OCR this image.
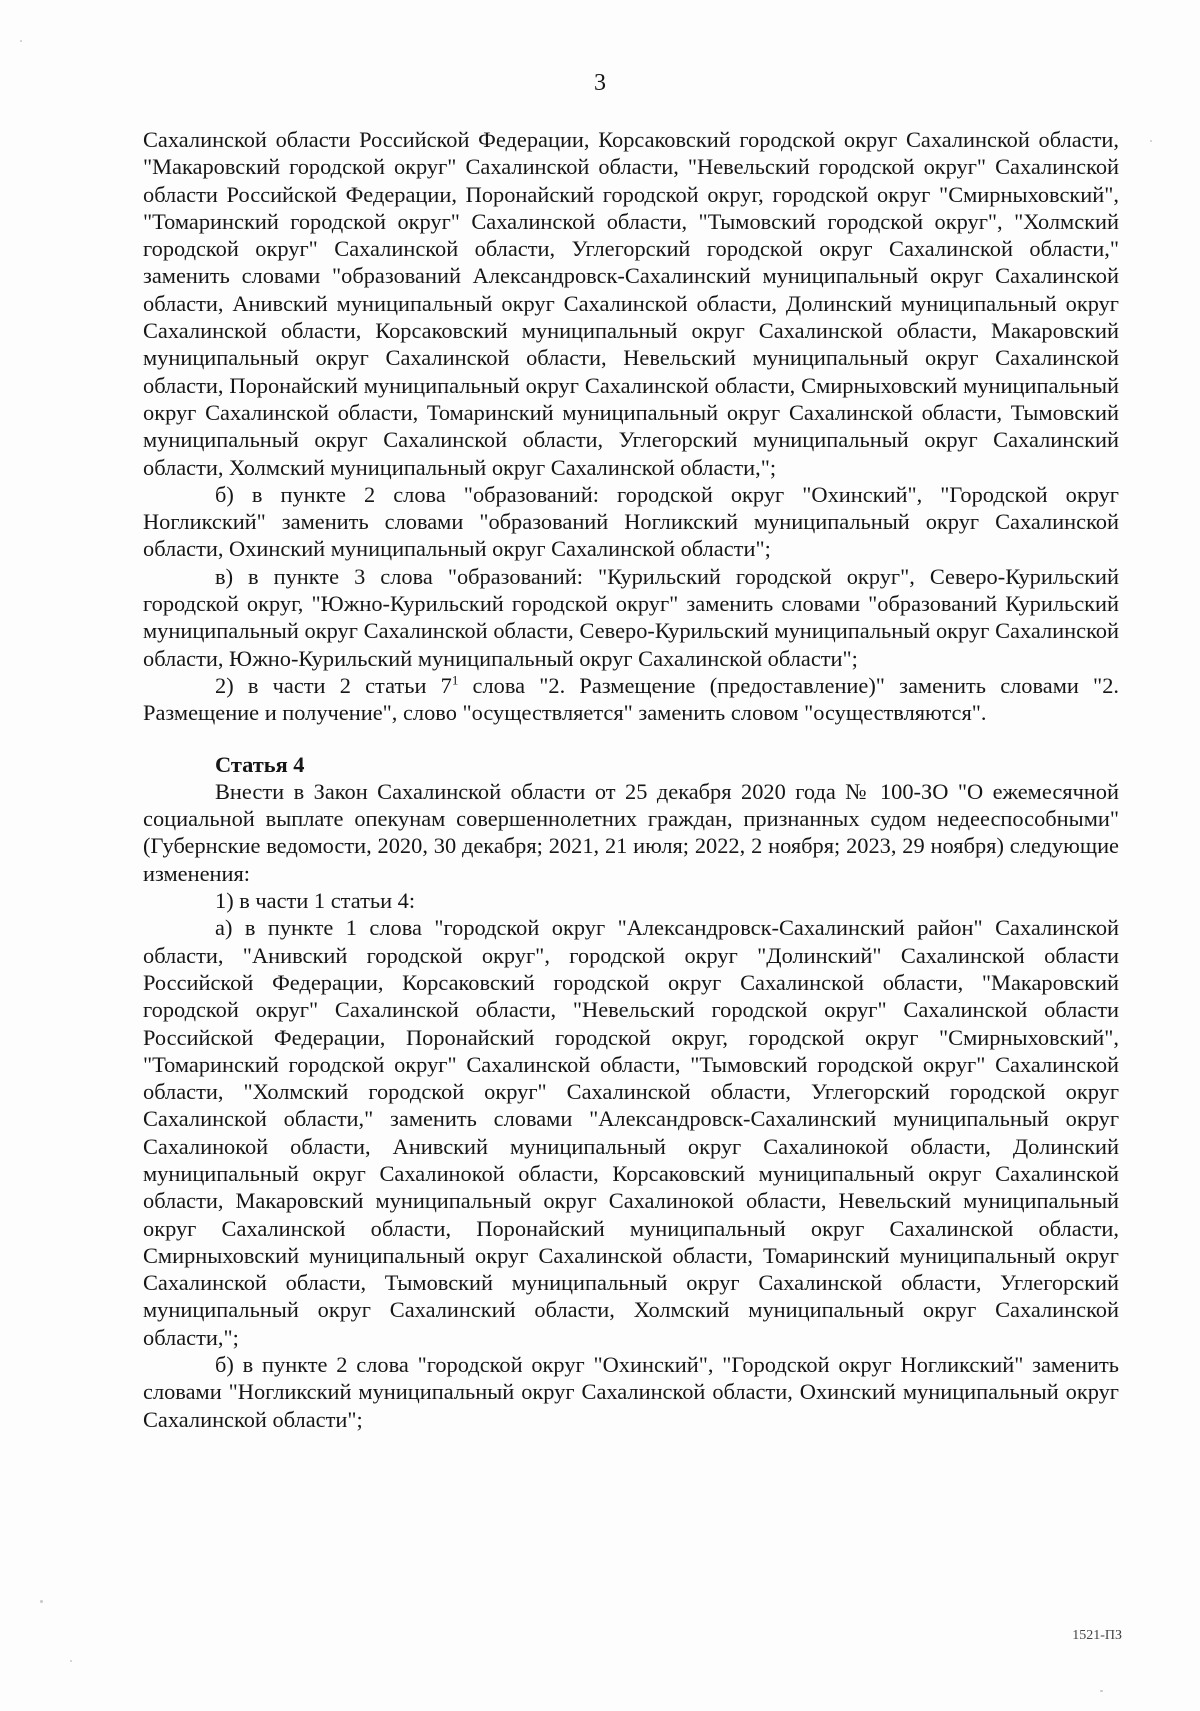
3

Сахалинской области Российской Федерации, Корсаковский городской округ Сахалинской области, "Макаровский городской округ" Сахалинской области, "Невельский городской округ" Сахалинской области Российской Федерации, Поронайский городской округ, городской округ "Смирныховский", "Томаринский городской округ" Сахалинской области, "Тымовский городской округ", "Холмский городской округ" Сахалинской области, Углегорский городской округ Сахалинской области," заменить словами "образований Александровск-Сахалинский муниципальный округ Сахалинской области, Анивский муниципальный округ Сахалинской области, Долинский муниципальный округ Сахалинской области, Корсаковский муниципальный округ Сахалинской области, Макаровский муниципальный округ Сахалинской области, Невельский муниципальный округ Сахалинской области, Поронайский муниципальный округ Сахалинской области, Смирныховский муниципальный округ Сахалинской области, Томаринский муниципальный округ Сахалинской области, Тымовский муниципальный округ Сахалинской области, Углегорский муниципальный округ Сахалинский области, Холмский муниципальный округ Сахалинской области,";

б) в пункте 2 слова "образований: городской округ "Охинский", "Городской округ Ногликский" заменить словами "образований Ногликский муниципальный округ Сахалинской области, Охинский муниципальный округ Сахалинской области";

в) в пункте 3 слова "образований: "Курильский городской округ", Северо-Курильский городской округ, "Южно-Курильский городской округ" заменить словами "образований Курильский муниципальный округ Сахалинской области, Северо-Курильский муниципальный округ Сахалинской области, Южно-Курильский муниципальный округ Сахалинской области";

2) в части 2 статьи $7^1$ слова "2. Размещение (предоставление)" заменить словами "2. Размещение и получение", слово "осуществляется" заменить словом "осуществляются".

Статья 4

Внести в Закон Сахалинской области от 25 декабря 2020 года № 100-ЗО "О ежемесячной социальной выплате опекунам совершеннолетних граждан, признанных судом недееспособными" (Губернские ведомости, 2020, 30 декабря; 2021, 21 июля; 2022, 2 ноября; 2023, 29 ноября) следующие изменения:

1) в части 1 статьи 4:

а) в пункте 1 слова "городской округ "Александровск-Сахалинский район" Сахалинской области, "Анивский городской округ", городской округ "Долинский" Сахалинской области Российской Федерации, Корсаковский городской округ Сахалинской области, "Макаровский городской округ" Сахалинской области, "Невельский городской округ" Сахалинской области Российской Федерации, Поронайский городской округ, городской округ "Смирныховский", "Томаринский городской округ" Сахалинской области, "Тымовский городской округ" Сахалинской области, "Холмский городской округ" Сахалинской области, Углегорский городской округ Сахалинской области," заменить словами "Александровск-Сахалинский муниципальный округ Сахалинокой области, Анивский муниципальный округ Сахалинокой области, Долинский муниципальный округ Сахалинокой области, Корсаковский муниципальный округ Сахалинской области, Макаровский муниципальный округ Сахалинокой области, Невельский муниципальный округ Сахалинской области, Поронайский муниципальный округ Сахалинской области, Смирныховский муниципальный округ Сахалинской области, Томаринский муниципальный округ Сахалинской области, Тымовский муниципальный округ Сахалинской области, Углегорский муниципальный округ Сахалинский области, Холмский муниципальный округ Сахалинской области,";

б) в пункте 2 слова "городской округ "Охинский", "Городской округ Ногликский" заменить словами "Ногликский муниципальный округ Сахалинской области, Охинский муниципальный округ Сахалинской области";

1521-ПЗ
